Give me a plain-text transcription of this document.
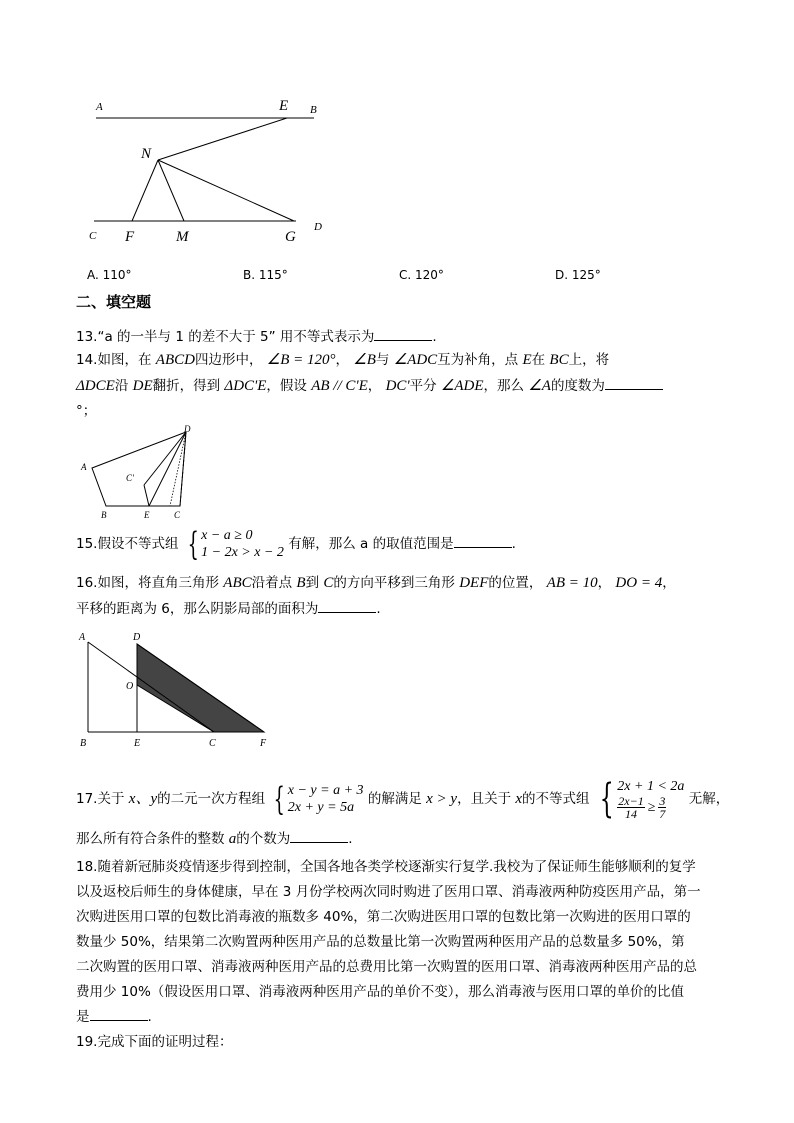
A	E B
N
C F	M	G
D
A. 110°	B. 115°	C. 120°	D. 125°
二、填空题
13.“a 的一半与 1 的差不大于 5” 用不等式表示为	.
14.如图，在 ABCD四边形中， ∠B = 120°， ∠B与 ∠ADC互为补角，点 E在 BC上，将
ΔDCE沿 DE翻折，得到 ΔDC'E，假设 AB // C'E， DC'平分 ∠ADE，那么 ∠A的度数为
°；
D
A
C'
B	E	C
15.假设不等式组 { x − a ≥ 0
1 − 2x > x − 2
有解，那么 a 的取值范围是	.
16.如图，将直角三角形 ABC沿着点 B到 C的方向平移到三角形 DEF的位置， AB = 10， DO = 4，
平移的距离为 6，那么阴影局部的面积为	.
A	D
O
B	E	C	F
17.关于 x、y的二元一次方程组 { x − y = a + 3
2x + y = 5a
的解满足 x > y，且关于 x的不等式组 { 2x + 1 < 2a
$\frac{2x-1}{14} \ge \frac{3}{7}$ 无解，
那么所有符合条件的整数 a的个数为	.
18.随着新冠肺炎疫情逐步得到控制，全国各地各类学校逐渐实行复学.我校为了保证师生能够顺利的复学
以及返校后师生的身体健康，早在 3 月份学校两次同时购进了医用口罩、消毒液两种防疫医用产品，第一
次购进医用口罩的包数比消毒液的瓶数多 40%，第二次购进医用口罩的包数比第一次购进的医用口罩的
数量少 50%，结果第二次购置两种医用产品的总数量比第一次购置两种医用产品的总数量多 50%，第
二次购置的医用口罩、消毒液两种医用产品的总费用比第一次购置的医用口罩、消毒液两种医用产品的总
费用少 10%（假设医用口罩、消毒液两种医用产品的单价不变），那么消毒液与医用口罩的单价的比值
是	.
19.完成下面的证明过程：
